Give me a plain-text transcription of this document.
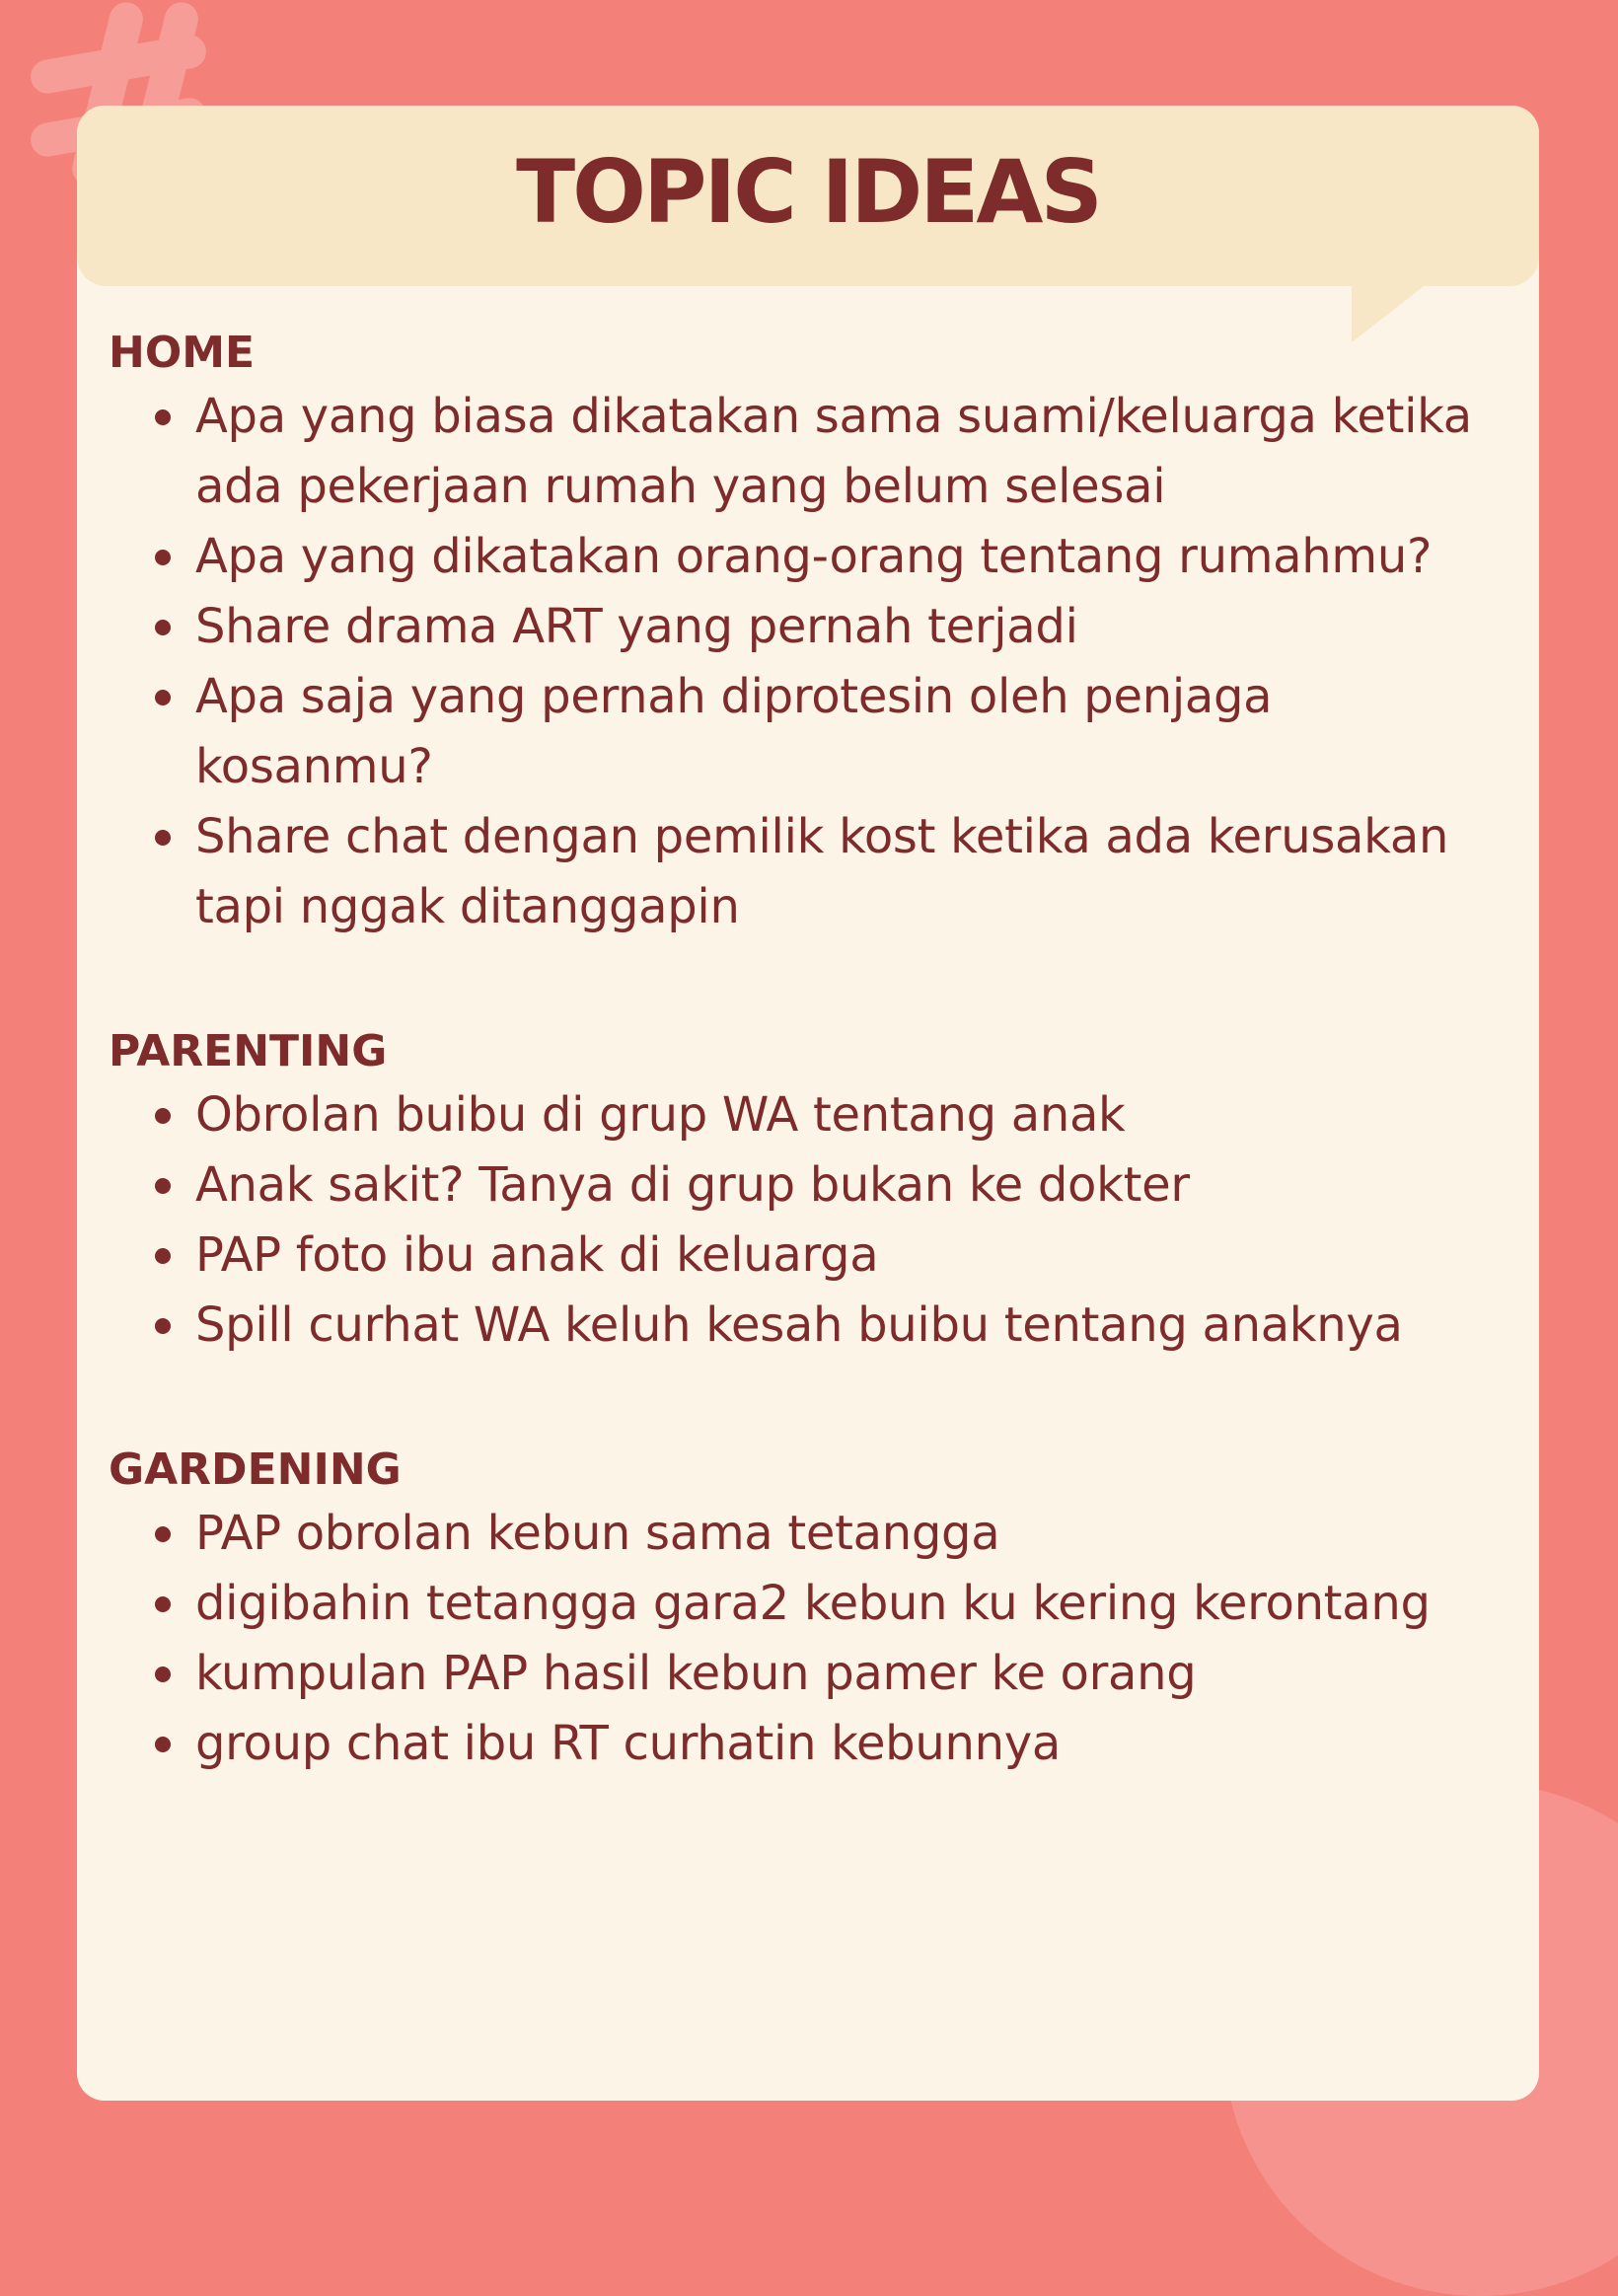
TOPIC IDEAS
HOME
Apa yang biasa dikatakan sama suami/keluarga ketika ada pekerjaan rumah yang belum selesai
Apa yang dikatakan orang-orang tentang rumahmu?
Share drama ART yang pernah terjadi
Apa saja yang pernah diprotesin oleh penjaga kosanmu?
Share chat dengan pemilik kost ketika ada kerusakan tapi nggak ditanggapin
PARENTING
Obrolan buibu di grup WA tentang anak
Anak sakit? Tanya di grup bukan ke dokter
PAP foto ibu anak di keluarga
Spill curhat WA keluh kesah buibu tentang anaknya
GARDENING
PAP obrolan kebun sama tetangga
digibahin tetangga gara2 kebun ku kering kerontang
kumpulan PAP hasil kebun pamer ke orang
group chat ibu RT curhatin kebunnya
